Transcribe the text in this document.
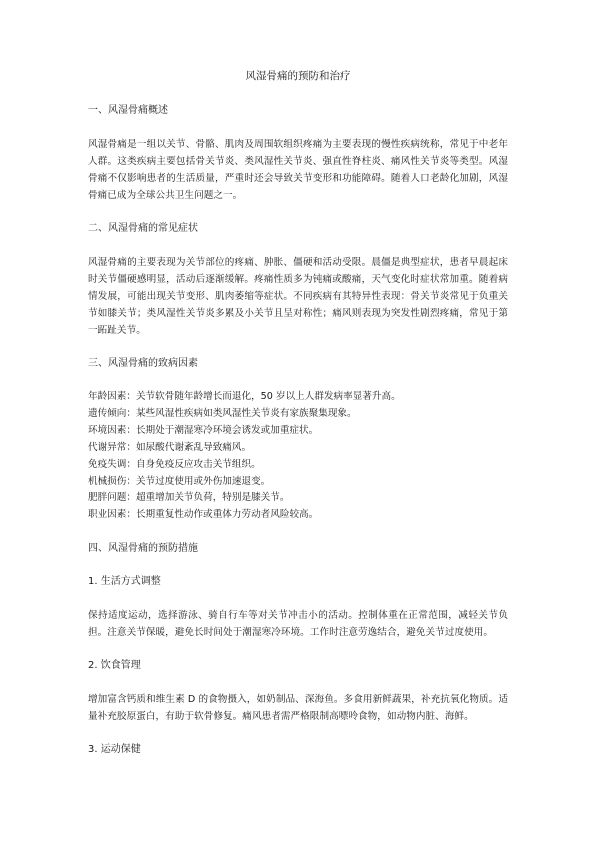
风湿骨痛的预防和治疗
一、风湿骨痛概述
风湿骨痛是一组以关节、骨骼、肌肉及周围软组织疼痛为主要表现的慢性疾病统称，常见于中老年人群。这类疾病主要包括骨关节炎、类风湿性关节炎、强直性脊柱炎、痛风性关节炎等类型。风湿骨痛不仅影响患者的生活质量，严重时还会导致关节变形和功能障碍。随着人口老龄化加剧，风湿骨痛已成为全球公共卫生问题之一。
二、风湿骨痛的常见症状
风湿骨痛的主要表现为关节部位的疼痛、肿胀、僵硬和活动受限。晨僵是典型症状，患者早晨起床时关节僵硬感明显，活动后逐渐缓解。疼痛性质多为钝痛或酸痛，天气变化时症状常加重。随着病情发展，可能出现关节变形、肌肉萎缩等症状。不同疾病有其特异性表现：骨关节炎常见于负重关节如膝关节；类风湿性关节炎多累及小关节且呈对称性；痛风则表现为突发性剧烈疼痛，常见于第一跖趾关节。
三、风湿骨痛的致病因素
年龄因素：关节软骨随年龄增长而退化，50 岁以上人群发病率显著升高。
遗传倾向：某些风湿性疾病如类风湿性关节炎有家族聚集现象。
环境因素：长期处于潮湿寒冷环境会诱发或加重症状。
代谢异常：如尿酸代谢紊乱导致痛风。
免疫失调：自身免疫反应攻击关节组织。
机械损伤：关节过度使用或外伤加速退变。
肥胖问题：超重增加关节负荷，特别是膝关节。
职业因素：长期重复性动作或重体力劳动者风险较高。
四、风湿骨痛的预防措施
1. 生活方式调整
保持适度运动，选择游泳、骑自行车等对关节冲击小的活动。控制体重在正常范围，减轻关节负担。注意关节保暖，避免长时间处于潮湿寒冷环境。工作时注意劳逸结合，避免关节过度使用。
2. 饮食管理
增加富含钙质和维生素 D 的食物摄入，如奶制品、深海鱼。多食用新鲜蔬果，补充抗氧化物质。适量补充胶原蛋白，有助于软骨修复。痛风患者需严格限制高嘌呤食物，如动物内脏、海鲜。
3. 运动保健
